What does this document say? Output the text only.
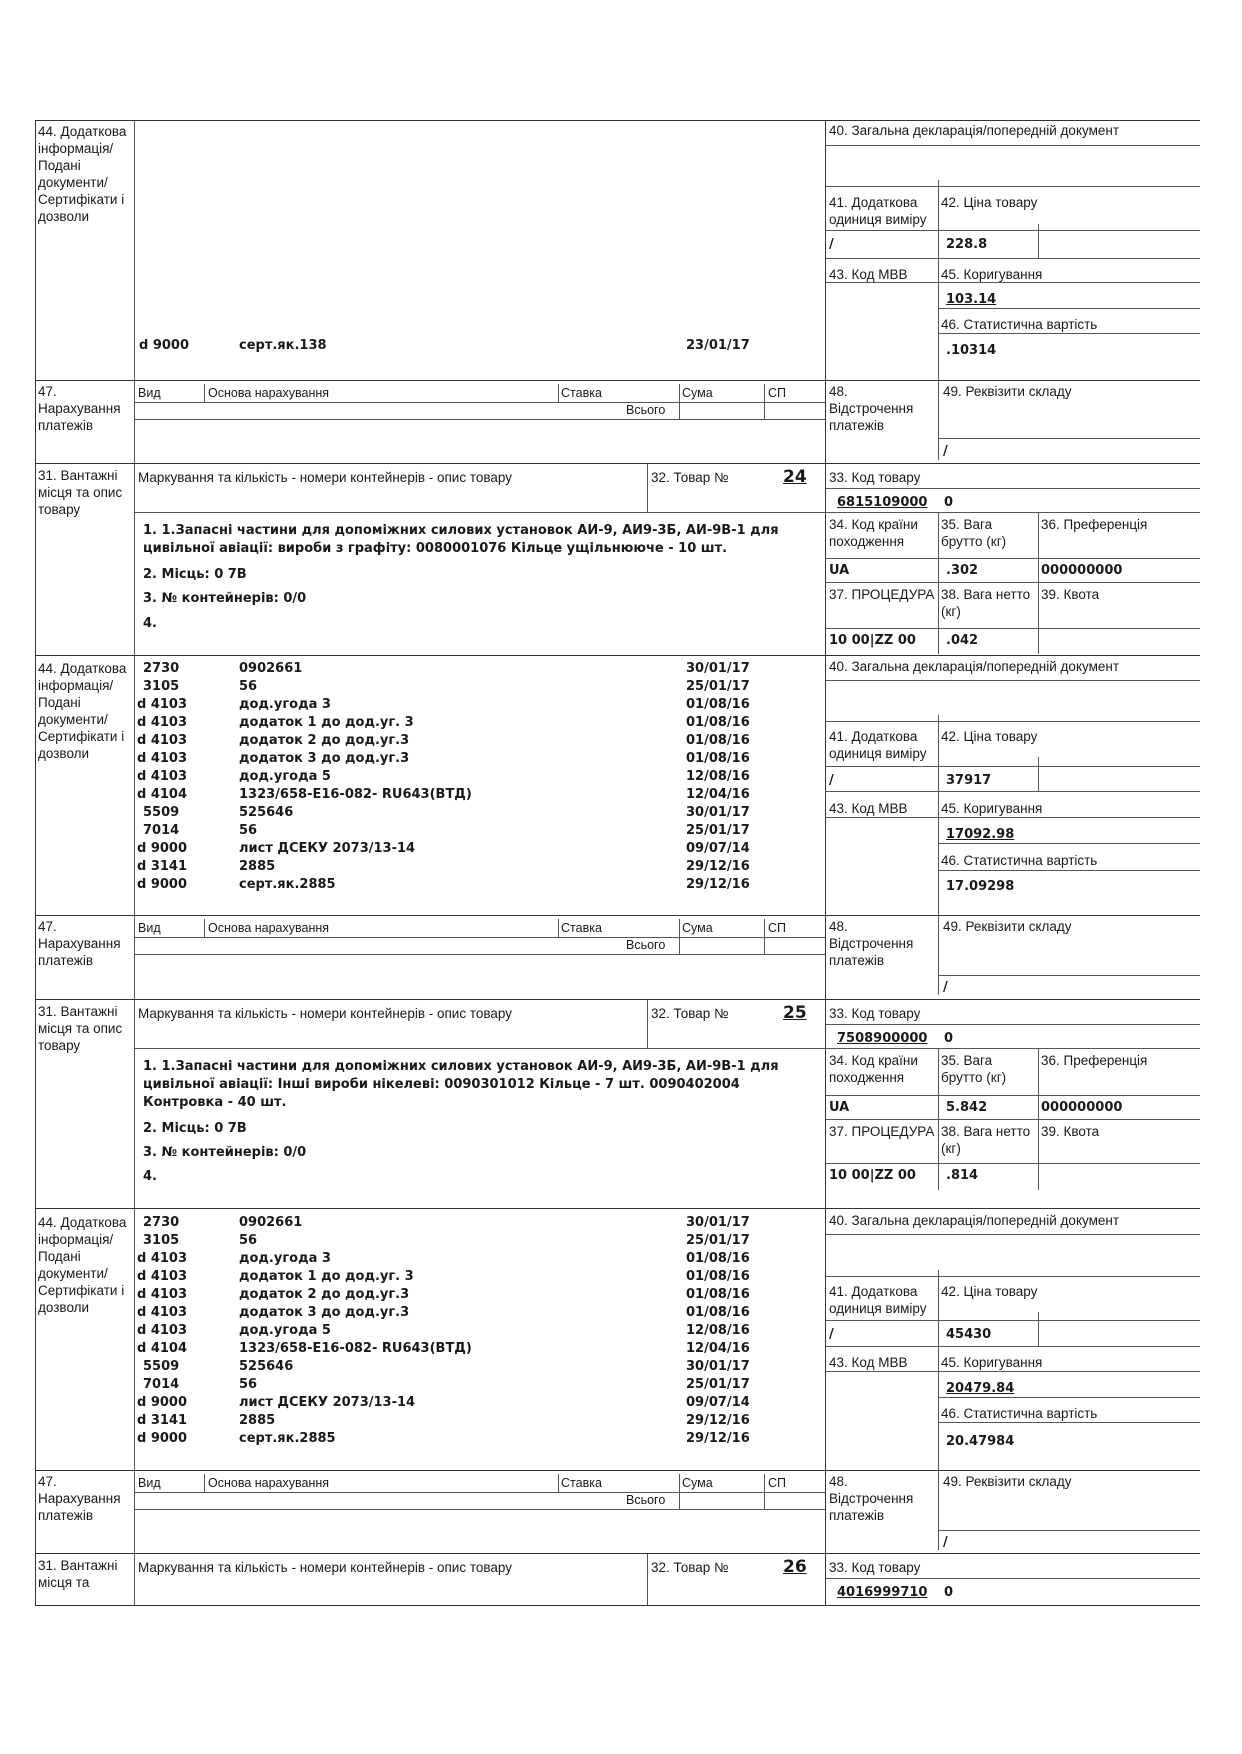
44. Додаткова інформація/ Подані документи/ Сертифікати і дозволи
d 9000	серт.як.138	23/01/17
40. Загальна декларація/попередній документ
41. Додаткова одиниця виміру
42. Ціна товару
/	228.8
43. Код МВВ 45. Коригування
103.14
46. Статистична вартість
.10314
47. Нарахування платежів
Вид	Основа нарахування	Ставка	Сума	СП
Всього
48. Відстрочення платежів
49. Реквізити складу
/
31. Вантажні місця та опис товару
Маркування та кількість - номери контейнерів - опис товару	32. Товар №	24 33. Код товару
6815109000 0
1. 1.Запасні частини для допоміжних силових установок АИ-9, АИ9-3Б, АИ-9В-1 для цивільної авіації: вироби з графіту: 0080001076 Кільце ущільнююче - 10 шт.
2. Місць: 0 7В
3. № контейнерів: 0/0
4.
34. Код країни походження
35. Вага брутто (кг)
36. Преференція
UA	.302	000000000
37. ПРОЦЕДУРА 38. Вага нетто (кг)
39. Квота
10 00|ZZ 00 .042
44. Додаткова інформація/ Подані документи/ Сертифікати і дозволи
2730	0902661	30/01/17
3105	56	25/01/17
d 4103	дод.угода 3	01/08/16
d 4103	додаток 1 до дод.уг. 3	01/08/16
d 4103	додаток 2 до дод.уг.3	01/08/16
d 4103	додаток 3 до дод.уг.3	01/08/16
d 4103	дод.угода 5	12/08/16
d 4104	1323/658-Е16-082- RU643(ВТД)	12/04/16
5509	525646	30/01/17
7014	56	25/01/17
d 9000	лист ДСЕКУ 2073/13-14	09/07/14
d 3141	2885	29/12/16
d 9000	серт.як.2885	29/12/16
40. Загальна декларація/попередній документ
41. Додаткова одиниця виміру
42. Ціна товару
/	37917
43. Код МВВ 45. Коригування
17092.98
46. Статистична вартість
17.09298
47. Нарахування платежів
Вид	Основа нарахування	Ставка	Сума	СП
Всього
48. Відстрочення платежів
49. Реквізити складу
/
31. Вантажні місця та опис товару
Маркування та кількість - номери контейнерів - опис товару	32. Товар №	25 33. Код товару
7508900000 0
1. 1.Запасні частини для допоміжних силових установок АИ-9, АИ9-3Б, АИ-9В-1 для цивільної авіації: Інші вироби нікелеві: 0090301012 Кільце - 7 шт. 0090402004 Контровка - 40 шт.
2. Місць: 0 7В
3. № контейнерів: 0/0
4.
34. Код країни походження
35. Вага брутто (кг)
36. Преференція
UA	5.842	000000000
37. ПРОЦЕДУРА 38. Вага нетто (кг)
39. Квота
10 00|ZZ 00 .814
44. Додаткова інформація/ Подані документи/ Сертифікати і дозволи
2730	0902661	30/01/17
3105	56	25/01/17
d 4103	дод.угода 3	01/08/16
d 4103	додаток 1 до дод.уг. 3	01/08/16
d 4103	додаток 2 до дод.уг.3	01/08/16
d 4103	додаток 3 до дод.уг.3	01/08/16
d 4103	дод.угода 5	12/08/16
d 4104	1323/658-Е16-082- RU643(ВТД)	12/04/16
5509	525646	30/01/17
7014	56	25/01/17
d 9000	лист ДСЕКУ 2073/13-14	09/07/14
d 3141	2885	29/12/16
d 9000	серт.як.2885	29/12/16
40. Загальна декларація/попередній документ
41. Додаткова одиниця виміру
42. Ціна товару
/	45430
43. Код МВВ 45. Коригування
20479.84
46. Статистична вартість
20.47984
47. Нарахування платежів
Вид	Основа нарахування	Ставка	Сума	СП
Всього
48. Відстрочення платежів
49. Реквізити складу
/
31. Вантажні місця та
Маркування та кількість - номери контейнерів - опис товару	32. Товар №	26 33. Код товару
4016999710 0
